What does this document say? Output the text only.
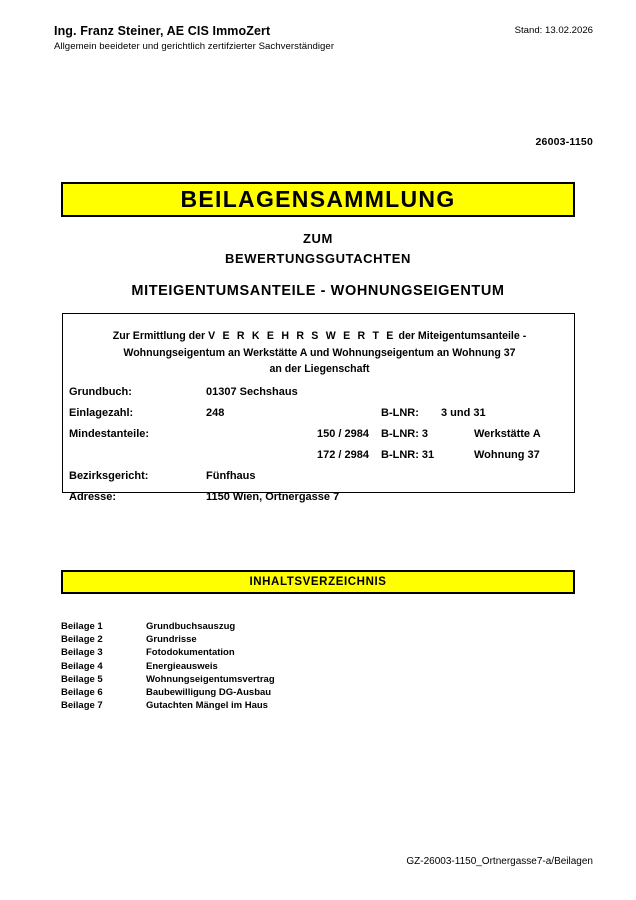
Ing. Franz Steiner, AE CIS ImmoZert
Allgemein beeideter und gerichtlich zertifzierter Sachverständiger
Stand: 13.02.2026
26003-1150
BEILAGENSAMMLUNG
ZUM
BEWERTUNGSGUTACHTEN
MITEIGENTUMSANTEILE - WOHNUNGSEIGENTUM
Zur Ermittlung der V E R K E H R S W E R T E der Miteigentumsanteile -
Wohnungseigentum an Werkstätte A und Wohnungseigentum an Wohnung 37
an der Liegenschaft
Grundbuch:	01307 Sechshaus
Einlagezahl:	248	B-LNR: 3 und 31
Mindestanteile:	150 / 2984 B-LNR: 3	Werkstätte A
172 / 2984 B-LNR: 31	Wohnung 37
Bezirksgericht:	Fünfhaus
Adresse:	1150 Wien, Ortnergasse 7
INHALTSVERZEICHNIS
Beilage 1	Grundbuchsauszug
Beilage 2	Grundrisse
Beilage 3	Fotodokumentation
Beilage 4	Energieausweis
Beilage 5	Wohnungseigentumsvertrag
Beilage 6	Baubewilligung DG-Ausbau
Beilage 7	Gutachten Mängel im Haus
GZ-26003-1150_Ortnergasse7-a/Beilagen
